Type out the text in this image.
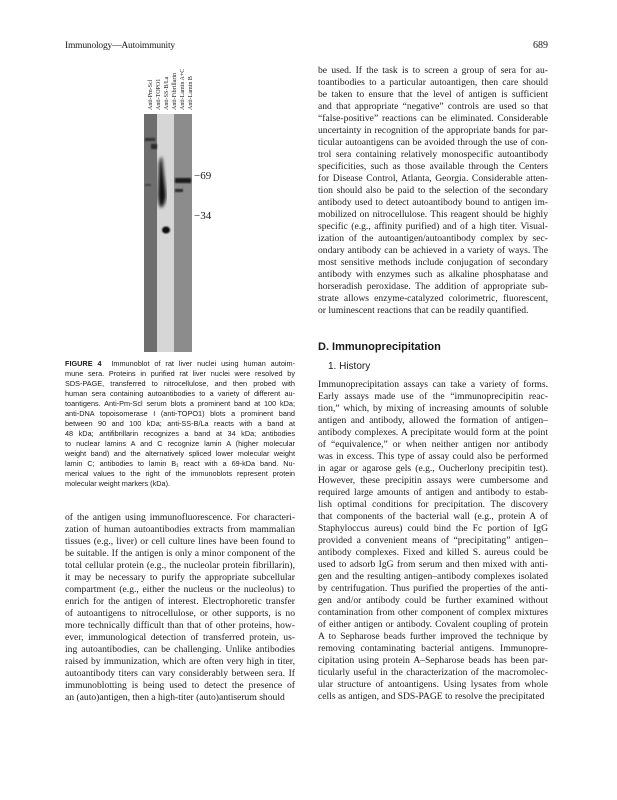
Immunology—Autoimmunity	689
Anti-Pm-Scl Anti-TOPO1 Anti-SS-B/La Anti-Fibrillarin Anti-Lamin A+C Anti-Lamin B
−69
−34
FIGURE 4 Immunoblot of rat liver nuclei using human autoim-
mune sera. Proteins in purified rat liver nuclei were resolved by
SDS-PAGE, transferred to nitrocellulose, and then probed with
human sera containing autoantibodies to a variety of different au-
toantigens. Anti-Pm-Scl serum blots a prominent band at 100 kDa;
anti-DNA topoisomerase I (anti-TOPO1) blots a prominent band
between 90 and 100 kDa; anti-SS-B/La reacts with a band at
48 kDa; antifibrillarin recognizes a band at 34 kDa; antibodies
to nuclear lamins A and C recognize lamin A (higher molecular
weight band) and the alternatively spliced lower molecular weight
lamin C; antibodies to lamin B₁ react with a 69-kDa band. Nu-
merical values to the right of the immunoblots represent protein
molecular weight markers (kDa).
of the antigen using immunofluorescence. For characteri-
zation of human autoantibodies extracts from mammalian
tissues (e.g., liver) or cell culture lines have been found to
be suitable. If the antigen is only a minor component of the
total cellular protein (e.g., the nucleolar protein fibrillarin),
it may be necessary to purify the appropriate subcellular
compartment (e.g., either the nucleus or the nucleolus) to
enrich for the antigen of interest. Electrophoretic transfer
of autoantigens to nitrocellulose, or other supports, is no
more technically difficult than that of other proteins, how-
ever, immunological detection of transferred protein, us-
ing autoantibodies, can be challenging. Unlike antibodies
raised by immunization, which are often very high in titer,
autoantibody titers can vary considerably between sera. If
immunoblotting is being used to detect the presence of
an (auto)antigen, then a high-titer (auto)antiserum should
be used. If the task is to screen a group of sera for au-
toantibodies to a particular autoantigen, then care should
be taken to ensure that the level of antigen is sufficient
and that appropriate “negative” controls are used so that
“false-positive” reactions can be eliminated. Considerable
uncertainty in recognition of the appropriate bands for par-
ticular autoantigens can be avoided through the use of con-
trol sera containing relatively monospecific autoantibody
specificities, such as those available through the Centers
for Disease Control, Atlanta, Georgia. Considerable atten-
tion should also be paid to the selection of the secondary
antibody used to detect autoantibody bound to antigen im-
mobilized on nitrocellulose. This reagent should be highly
specific (e.g., affinity purified) and of a high titer. Visual-
ization of the autoantigen/autoantibody complex by sec-
ondary antibody can be achieved in a variety of ways. The
most sensitive methods include conjugation of secondary
antibody with enzymes such as alkaline phosphatase and
horseradish peroxidase. The addition of appropriate sub-
strate allows enzyme-catalyzed colorimetric, fluorescent,
or luminescent reactions that can be readily quantified.
D. Immunoprecipitation
1. History
Immunoprecipitation assays can take a variety of forms.
Early assays made use of the “immunoprecipitin reac-
tion,” which, by mixing of increasing amounts of soluble
antigen and antibody, allowed the formation of antigen–
antibody complexes. A precipitate would form at the point
of “equivalence,” or when neither antigen nor antibody
was in excess. This type of assay could also be performed
in agar or agarose gels (e.g., Oucherlony precipitin test).
However, these precipitin assays were cumbersome and
required large amounts of antigen and antibody to estab-
lish optimal conditions for precipitation. The discovery
that components of the bacterial wall (e.g., protein A of
Staphyloccus aureus) could bind the Fc portion of IgG
provided a convenient means of “precipitating” antigen–
antibody complexes. Fixed and killed S. aureus could be
used to adsorb IgG from serum and then mixed with anti-
gen and the resulting antigen–antibody complexes isolated
by centrifugation. Thus purified the properties of the anti-
gen and/or antibody could be further examined without
contamination from other component of complex mixtures
of either antigen or antibody. Covalent coupling of protein
A to Sepharose beads further improved the technique by
removing contaminating bacterial antigens. Immunopre-
cipitation using protein A–Sepharose beads has been par-
ticularly useful in the characterization of the macromolec-
ular structure of antoantigens. Using lysates from whole
cells as antigen, and SDS-PAGE to resolve the precipitated
